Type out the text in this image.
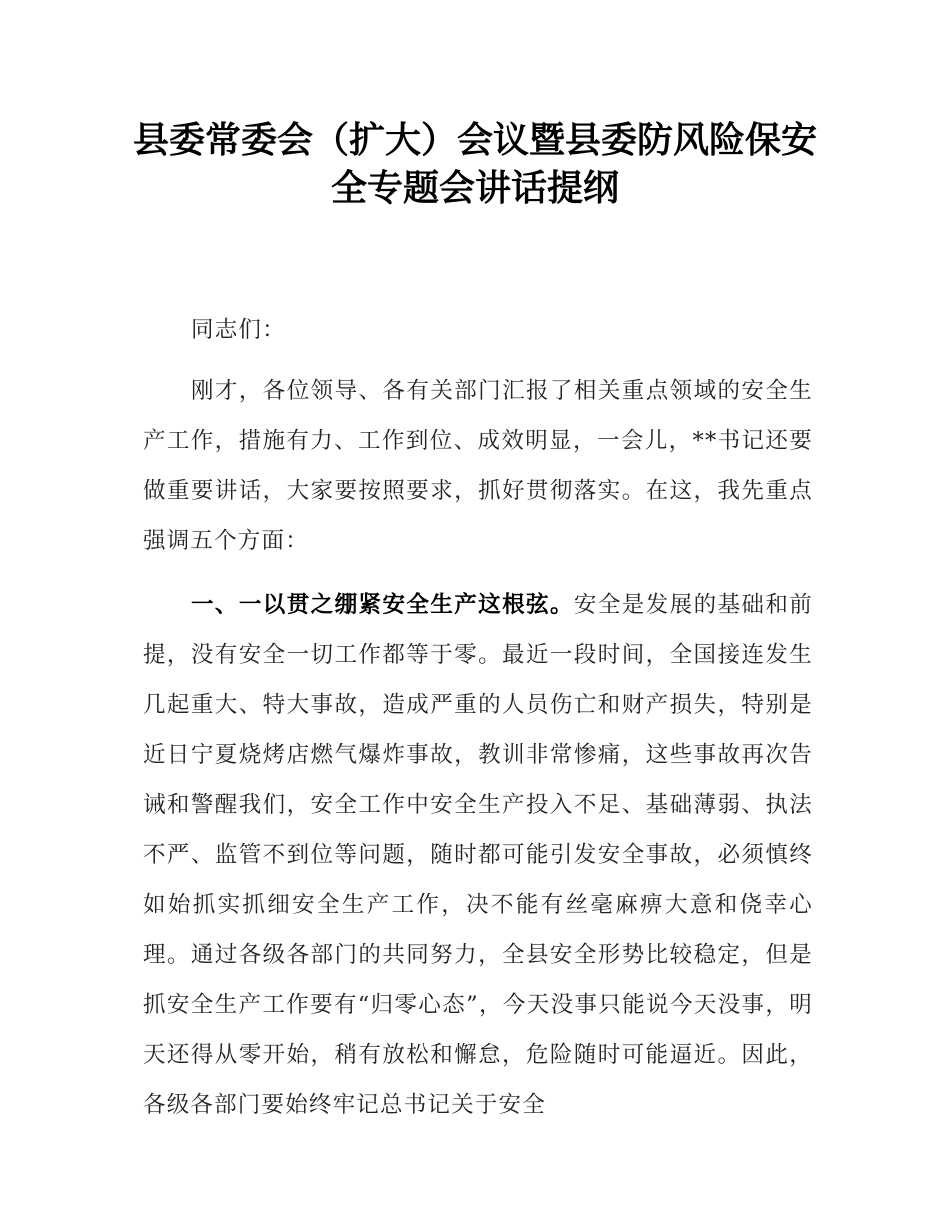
县委常委会（扩大）会议暨县委防风险保安
全专题会讲话提纲

同志们：

刚才，各位领导、各有关部门汇报了相关重点领域的安全生产工作，措施有力、工作到位、成效明显，一会儿，**书记还要做重要讲话，大家要按照要求，抓好贯彻落实。在这，我先重点强调五个方面：

一、一以贯之绷紧安全生产这根弦。安全是发展的基础和前提，没有安全一切工作都等于零。最近一段时间，全国接连发生几起重大、特大事故，造成严重的人员伤亡和财产损失，特别是近日宁夏烧烤店燃气爆炸事故，教训非常惨痛，这些事故再次告诫和警醒我们，安全工作中安全生产投入不足、基础薄弱、执法不严、监管不到位等问题，随时都可能引发安全事故，必须慎终如始抓实抓细安全生产工作，决不能有丝毫麻痹大意和侥幸心理。通过各级各部门的共同努力，全县安全形势比较稳定，但是抓安全生产工作要有“归零心态”，今天没事只能说今天没事，明天还得从零开始，稍有放松和懈怠，危险随时可能逼近。因此，各级各部门要始终牢记总书记关于安全
